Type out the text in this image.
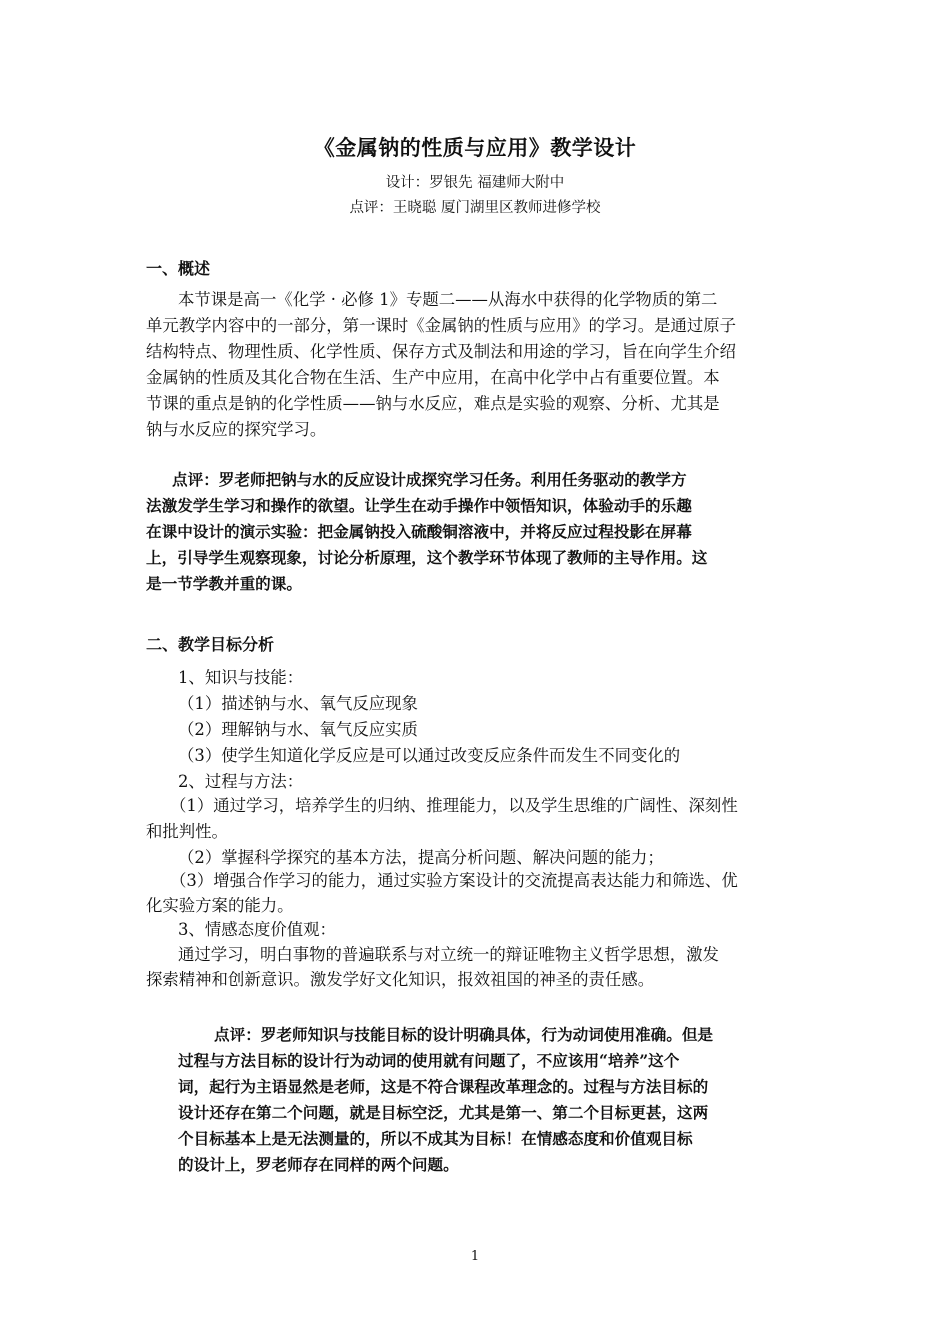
《金属钠的性质与应用》教学设计
设计：罗银先 福建师大附中
点评：王晓聪 厦门湖里区教师进修学校
一、概述
本节课是高一《化学 · 必修 1》专题二——从海水中获得的化学物质的第二
单元教学内容中的一部分，第一课时《金属钠的性质与应用》的学习。是通过原子
结构特点、物理性质、化学性质、保存方式及制法和用途的学习，旨在向学生介绍
金属钠的性质及其化合物在生活、生产中应用，在高中化学中占有重要位置。本
节课的重点是钠的化学性质——钠与水反应，难点是实验的观察、分析、尤其是
钠与水反应的探究学习。
点评：罗老师把钠与水的反应设计成探究学习任务。利用任务驱动的教学方
法激发学生学习和操作的欲望。让学生在动手操作中领悟知识，体验动手的乐趣
在课中设计的演示实验：把金属钠投入硫酸铜溶液中，并将反应过程投影在屏幕
上，引导学生观察现象，讨论分析原理，这个教学环节体现了教师的主导作用。这
是一节学教并重的课。
二、教学目标分析
1、知识与技能：
（1）描述钠与水、氧气反应现象
（2）理解钠与水、氧气反应实质
（3）使学生知道化学反应是可以通过改变反应条件而发生不同变化的
2、过程与方法：
（1）通过学习，培养学生的归纳、推理能力，以及学生思维的广阔性、深刻性
和批判性。
（2）掌握科学探究的基本方法，提高分析问题、解决问题的能力；
（3）增强合作学习的能力，通过实验方案设计的交流提高表达能力和筛选、优
化实验方案的能力。
3、情感态度价值观：
通过学习，明白事物的普遍联系与对立统一的辩证唯物主义哲学思想，激发
探索精神和创新意识。激发学好文化知识，报效祖国的神圣的责任感。
点评：罗老师知识与技能目标的设计明确具体，行为动词使用准确。但是
过程与方法目标的设计行为动词的使用就有问题了，不应该用“培养”这个
词，起行为主语显然是老师，这是不符合课程改革理念的。过程与方法目标的
设计还存在第二个问题，就是目标空泛，尤其是第一、第二个目标更甚，这两
个目标基本上是无法测量的，所以不成其为目标！在情感态度和价值观目标
的设计上，罗老师存在同样的两个问题。
1
